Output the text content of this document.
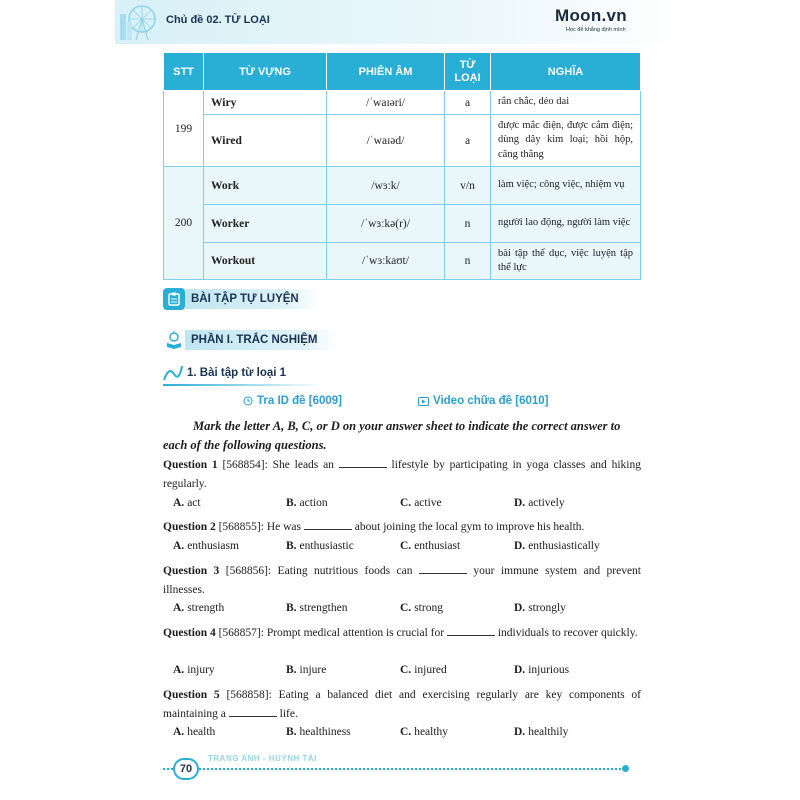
Chủ đề 02. TỪ LOẠI	Moon.vn
Học để khẳng định mình
STT	TỪ VỰNG	PHIÊN ÂM	TỪ LOẠI	NGHĨA
199	Wiry	/ˈwaɪəri/	a	rắn chắc, dẻo dai
	Wired	/ˈwaɪəd/	a	được mắc điện, được cắm điện; dùng dây kim loại; hồi hộp, căng thẳng
200	Work	/wɜːk/	v/n	làm việc; công việc, nhiệm vụ
	Worker	/ˈwɜːkə(r)/	n	người lao động, người làm việc
	Workout	/ˈwɜːkaʊt/	n	bài tập thể dục, việc luyện tập thể lực
BÀI TẬP TỰ LUYỆN
PHẦN I. TRẮC NGHIỆM
1. Bài tập từ loại 1
Tra ID đề [6009]	Video chữa đề [6010]
Mark the letter A, B, C, or D on your answer sheet to indicate the correct answer to each of the following questions.
Question 1 [568854]: She leads an	lifestyle by participating in yoga classes and hiking regularly.
A. act	B. action	C. active	D. actively
Question 2 [568855]: He was	about joining the local gym to improve his health.
A. enthusiasm	B. enthusiastic	C. enthusiast	D. enthusiastically
Question 3 [568856]: Eating nutritious foods can	your immune system and prevent illnesses.
A. strength	B. strengthen	C. strong	D. strongly
Question 4 [568857]: Prompt medical attention is crucial for	individuals to recover quickly.
A. injury	B. injure	C. injured	D. injurious
Question 5 [568858]: Eating a balanced diet and exercising regularly are key components of maintaining a	life.
A. health	B. healthiness	C. healthy	D. healthily
70
TRANG ANH - HUỲNH TÀI
